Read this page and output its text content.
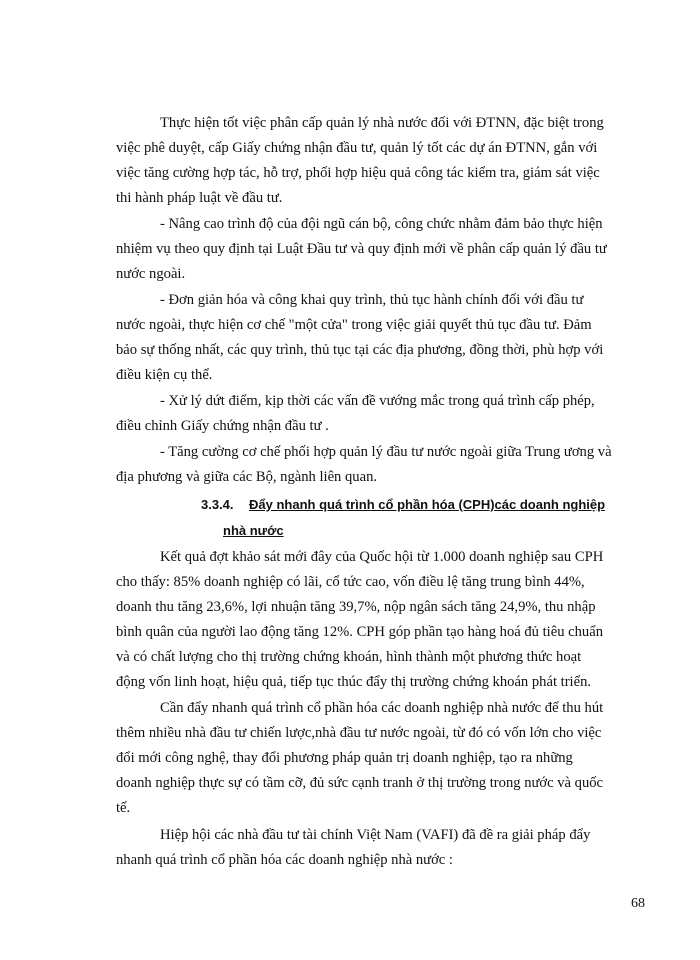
Thực hiện tốt việc phân cấp quản lý nhà nước đối với ĐTNN, đặc biệt trong

việc phê duyệt, cấp Giấy chứng nhận đầu tư, quản lý tốt các dự án ĐTNN, gắn với

việc tăng cường hợp tác, hỗ trợ, phối hợp hiệu quả công tác kiểm tra, giám sát việc

thi hành pháp luật về đầu tư.

- Nâng cao trình độ của đội ngũ cán bộ, công chức nhằm đảm bảo thực hiện

nhiệm vụ theo quy định tại Luật Đầu tư và quy định mới về phân cấp quản lý đầu tư

nước ngoài.

- Đơn giản hóa và công khai quy trình, thủ tục hành chính đối với đầu tư

nước ngoài, thực hiện cơ chế "một cửa" trong việc giải quyết thủ tục đầu tư. Đảm

bảo sự thống nhất, các quy trình, thủ tục tại các địa phương, đồng thời, phù hợp với

điều kiện cụ thể.

- Xử lý dứt điểm, kịp thời các vấn đề vướng mắc trong quá trình cấp phép,

điều chỉnh Giấy chứng nhận đầu tư .

- Tăng cường cơ chế phối hợp quản lý đầu tư nước ngoài giữa Trung ương và

địa phương và giữa các Bộ, ngành liên quan.

3.3.4.	Đẩy nhanh quá trình cổ phần hóa (CPH)các doanh nghiệp
nhà nước

Kết quả đợt khảo sát mới đây của Quốc hội từ 1.000 doanh nghiệp sau CPH

cho thấy: 85% doanh nghiệp có lãi, cổ tức cao, vốn điều lệ tăng trung bình 44%,

doanh thu tăng 23,6%, lợi nhuận tăng 39,7%, nộp ngân sách tăng 24,9%, thu nhập

bình quân của người lao động tăng 12%. CPH góp phần tạo hàng hoá đủ tiêu chuẩn

và có chất lượng cho thị trường chứng khoán, hình thành một phương thức hoạt

động vốn linh hoạt, hiệu quả, tiếp tục thúc đẩy thị trường chứng khoán phát triển.

Cần đẩy nhanh quá trình cổ phần hóa các doanh nghiệp nhà nước để thu hút

thêm nhiều nhà đầu tư chiến lược,nhà đầu tư nước ngoài, từ đó có vốn lớn cho việc

đổi mới công nghệ, thay đổi phương pháp quản trị doanh nghiệp, tạo ra những

doanh nghiệp thực sự có tầm cỡ, đủ sức cạnh tranh ở thị trường trong nước và quốc

tế.

Hiệp hội các nhà đầu tư tài chính Việt Nam (VAFI) đã đề ra giải pháp đẩy

nhanh quá trình cổ phần hóa các doanh nghiệp nhà nước :

68
